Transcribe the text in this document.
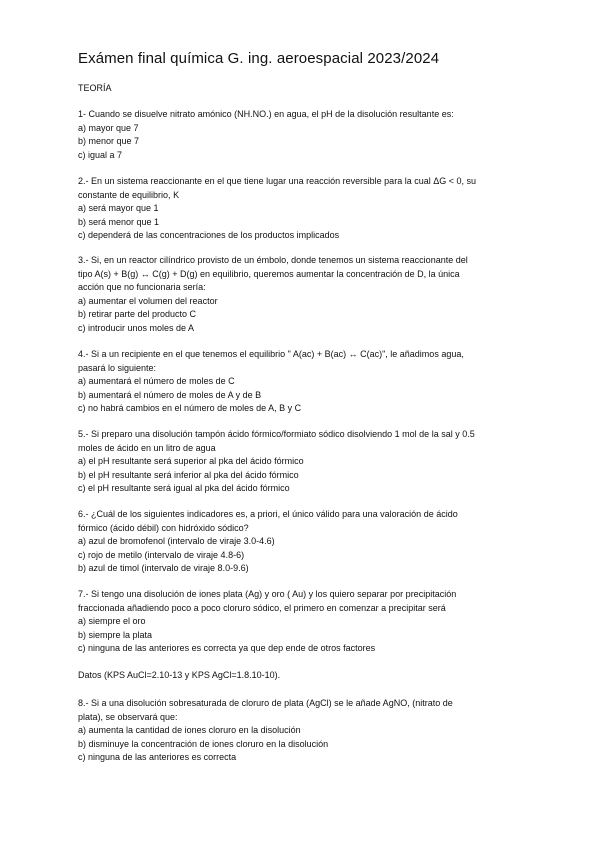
Exámen final química G. ing. aeroespacial 2023/2024
TEORÍA

1- Cuando se disuelve nitrato amónico (NH.NO.) en agua, el pH de la disolución resultante es:

a) mayor que 7
b) menor que 7
c) igual a 7

2.- En un sistema reaccionante en el que tiene lugar una reacción reversible para la cual ΔG < 0, su

constante de equilibrio, K

a) será mayor que 1
b) será menor que 1
c) dependerá de las concentraciones de los productos implicados

3.- Si, en un reactor cilíndrico provisto de un émbolo, donde tenemos un sistema reaccionante del

tipo A(s) + B(g) ↔ C(g) + D(g) en equilibrio, queremos aumentar la concentración de D, la única

acción que no funcionaria sería:

a) aumentar el volumen del reactor
b) retirar parte del producto C
c) introducir unos moles de A

4.- Si a un recipiente en el que tenemos el equilibrio " A(ac) + B(ac) ↔ C(ac)", le añadimos agua,

pasará lo siguiente:

a) aumentará el número de moles de C
b) aumentará el número de moles de A y de B
c) no habrá cambios en el número de moles de A, B y C

5.- Si preparo una disolución tampón ácido fórmico/formiato sódico disolviendo 1 mol de la sal y 0.5

moles de ácido en un litro de agua

a) el pH resultante será superior al pka del ácido fórmico
b) el pH resultante será inferior al pka del ácido fórmico
c) el pH resultante será igual al pka del ácido fórmico

6.- ¿Cuál de los siguientes indicadores es, a priori, el único válido para una valoración de ácido

fórmico (ácido débil) con hidróxido sódico?

a) azul de bromofenol (intervalo de viraje 3.0-4.6)
c) rojo de metilo (intervalo de viraje 4.8-6)
b) azul de timol (intervalo de viraje 8.0-9.6)

7.- Si tengo una disolución de iones plata (Ag) y oro ( Au) y los quiero separar por precipitación

fraccionada añadiendo poco a poco cloruro sódico, el primero en comenzar a precipitar será

a) siempre el oro
b) siempre la plata
c) ninguna de las anteriores es correcta ya que dep ende de otros factores
Datos (KPS AuCl=2.10-13 y KPS AgCl=1.8.10-10).

8.- Si a una disolución sobresaturada de cloruro de plata (AgCl) se le añade AgNO, (nitrato de

plata), se observará que:

a) aumenta la cantidad de iones cloruro en la disolución
b) disminuye la concentración de iones cloruro en la disolución
c) ninguna de las anteriores es correcta
